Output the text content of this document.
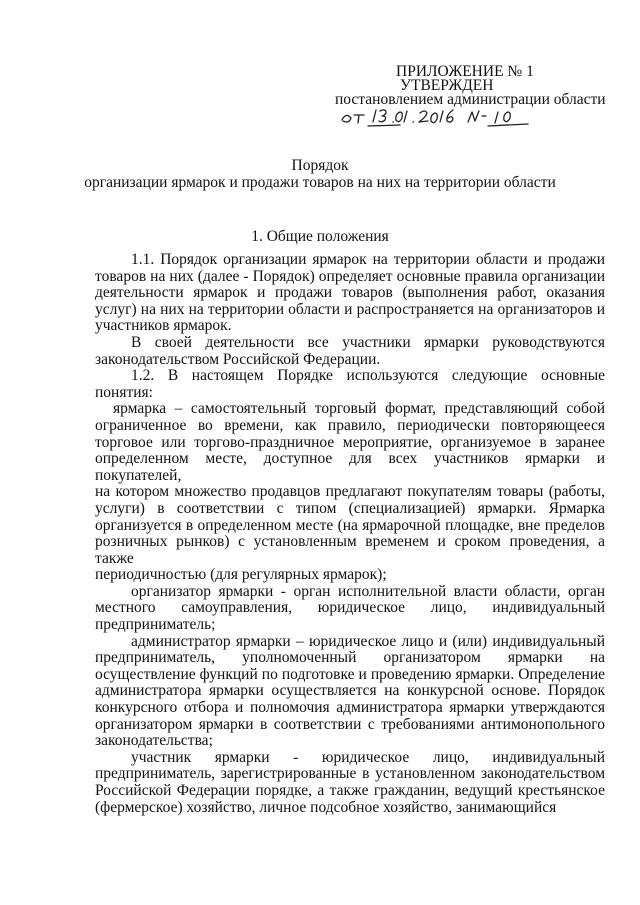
ПРИЛОЖЕНИЕ № 1
УТВЕРЖДЕН
постановлением администрации области
Порядок
организации ярмарок и продажи товаров на них на территории области
1. Общие положения

1.1. Порядок организации ярмарок на территории области и продажи

товаров на них (далее - Порядок) определяет основные правила организации

деятельности ярмарок и продажи товаров (выполнения работ, оказания

услуг) на них на территории области и распространяется на организаторов и

участников ярмарок.

В своей деятельности все участники ярмарки руководствуются

законодательством Российской Федерации.

1.2. В настоящем Порядке используются следующие основные

понятия:

ярмарка – самостоятельный торговый формат, представляющий собой

ограниченное во времени, как правило, периодически повторяющееся

торговое или торгово-праздничное мероприятие, организуемое в заранее

определенном месте, доступное для всех участников ярмарки и покупателей,

на котором множество продавцов предлагают покупателям товары (работы,

услуги) в соответствии с типом (специализацией) ярмарки. Ярмарка

организуется в определенном месте (на ярмарочной площадке, вне пределов

розничных рынков) с установленным временем и сроком проведения, а также

периодичностью (для регулярных ярмарок);

организатор ярмарки - орган исполнительной власти области, орган

местного самоуправления, юридическое лицо, индивидуальный

предприниматель;

администратор ярмарки – юридическое лицо и (или) индивидуальный

предприниматель, уполномоченный организатором ярмарки на

осуществление функций по подготовке и проведению ярмарки. Определение

администратора ярмарки осуществляется на конкурсной основе. Порядок

конкурсного отбора и полномочия администратора ярмарки утверждаются

организатором ярмарки в соответствии с требованиями антимонопольного

законодательства;

участник ярмарки - юридическое лицо, индивидуальный

предприниматель, зарегистрированные в установленном законодательством

Российской Федерации порядке, а также гражданин, ведущий крестьянское

(фермерское) хозяйство, личное подсобное хозяйство, занимающийся
